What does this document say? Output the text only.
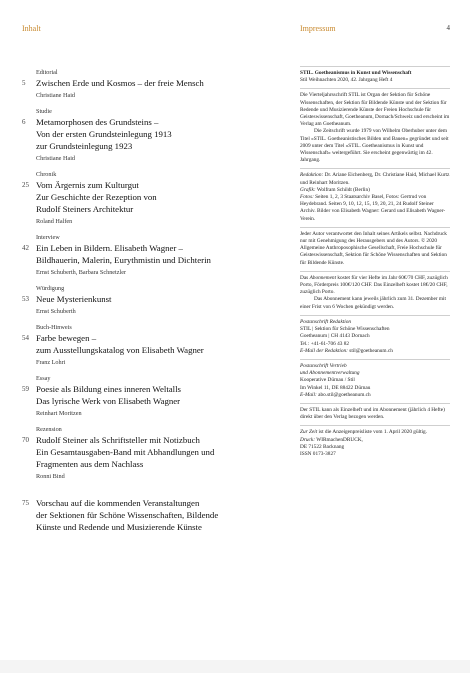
Inhalt	Impressum	4
Editorial
5 Zwischen Erde und Kosmos – der freie Mensch
Christiane Haid
Studie
6 Metamorphosen des Grundsteins –
Von der ersten Grundsteinlegung 1913
zur Grundsteinlegung 1923
Christiane Haid
Chronik
25 Vom Ärgernis zum Kulturgut
Zur Geschichte der Rezeption von
Rudolf Steiners Architektur
Roland Halfen
Interview
42 Ein Leben in Bildern. Elisabeth Wagner –
Bildhauerin, Malerin, Eurythmistin und Dichterin
Ernst Schuberth, Barbara Schnetzler
Würdigung
53 Neue Mysterienkunst
Ernst Schuberth
Buch-Hinweis
54 Farbe bewegen –
zum Ausstellungskatalog von Elisabeth Wagner
Franz Lohri
Essay
59 Poesie als Bildung eines inneren Weltalls
Das lyrische Werk von Elisabeth Wagner
Reinhart Moritzen
Rezension
70 Rudolf Steiner als Schriftsteller mit Notizbuch
Ein Gesamtausgaben-Band mit Abhandlungen und
Fragmenten aus dem Nachlass
Ronni Bind
75 Vorschau auf die kommenden Veranstaltungen
der Sektionen für Schöne Wissenschaften, Bildende
Künste und Redende und Musizierende Künste

STIL. Goetheanismus in Kunst und Wissenschaft

Stil Weihnachten 2020, 42. Jahrgang Heft 4

Die Vierteljahrsschrift STIL ist Organ der Sektion für Schöne Wissenschaften, der Sektion für Bildende Künste und der Sektion für Redende und Musizierende Künste der Freien Hochschule für Geisteswissenschaft, Goetheanum, Dornach/Schweiz und erscheint im Verlag am Goetheanum.

Die Zeitschrift wurde 1979 von Wilhelm Oberhuber unter dem Titel »STIL. Goetheanistisches Bilden und Bauen« gegründet und seit 2009 unter dem Titel »STIL. Goetheanismus in Kunst und Wissenschaft« weitergeführt. Sie erscheint gegenwärtig im 42. Jahrgang.

Redaktion: Dr. Ariane Eichenberg, Dr. Christiane Haid, Michael Kurtz und Reinhart Moritzen.

Grafik: Wolfram Schildt (Berlin)

Fotos: Seiten 1, 2, 3 Staatsarchiv Basel, Fotos: Gertrud von Heydebrand. Seiten 9, 10, 12, 15, 19, 20, 21, 24 Rudolf Steiner Archiv. Bilder von Elisabeth Wagner: Gerard und Elisabeth Wagner-Verein.

Jeder Autor verantwortet den Inhalt seines Artikels selbst. Nachdruck nur mit Genehmigung des Herausgebers und des Autors. © 2020 Allgemeine Anthroposophische Gesellschaft, Freie Hochschule für Geisteswissenschaft, Sektion für Schöne Wissenschaften und Sektion für Bildende Künste.

Das Abonnement kostet für vier Hefte im Jahr 60€/70 CHF, zuzüglich Porto, Förderpreis 100€/120 CHF. Das Einzelheft kostet 18€/20 CHF, zuzüglich Porto.

Das Abonnement kann jeweils jährlich zum 31. Dezember mit einer Frist von 6 Wochen gekündigt werden.

Postanschrift Redaktion

STIL | Sektion für Schöne Wissenschaften

Goetheanum | CH 4143 Dornach

Tel.: +41-61-706 43 82

E-Mail der Redaktion: stil@goetheanum.ch

Postanschrift Vertrieb

und Abonnementverwaltung

Kooperative Dürnau / Stil

Im Winkel 11, DE 88422 Dürnau

E-Mail: abo.stil@goetheanum.ch

Der STIL kann als Einzelheft und im Abonnement (jährlich 4 Hefte) direkt über den Verlag bezogen werden.

Zur Zeit ist die Anzeigenpreisliste vom 1. April 2020 gültig.

Druck: WIRmachenDRUCK,

DE 71522 Backnang

ISSN 0173-3827
